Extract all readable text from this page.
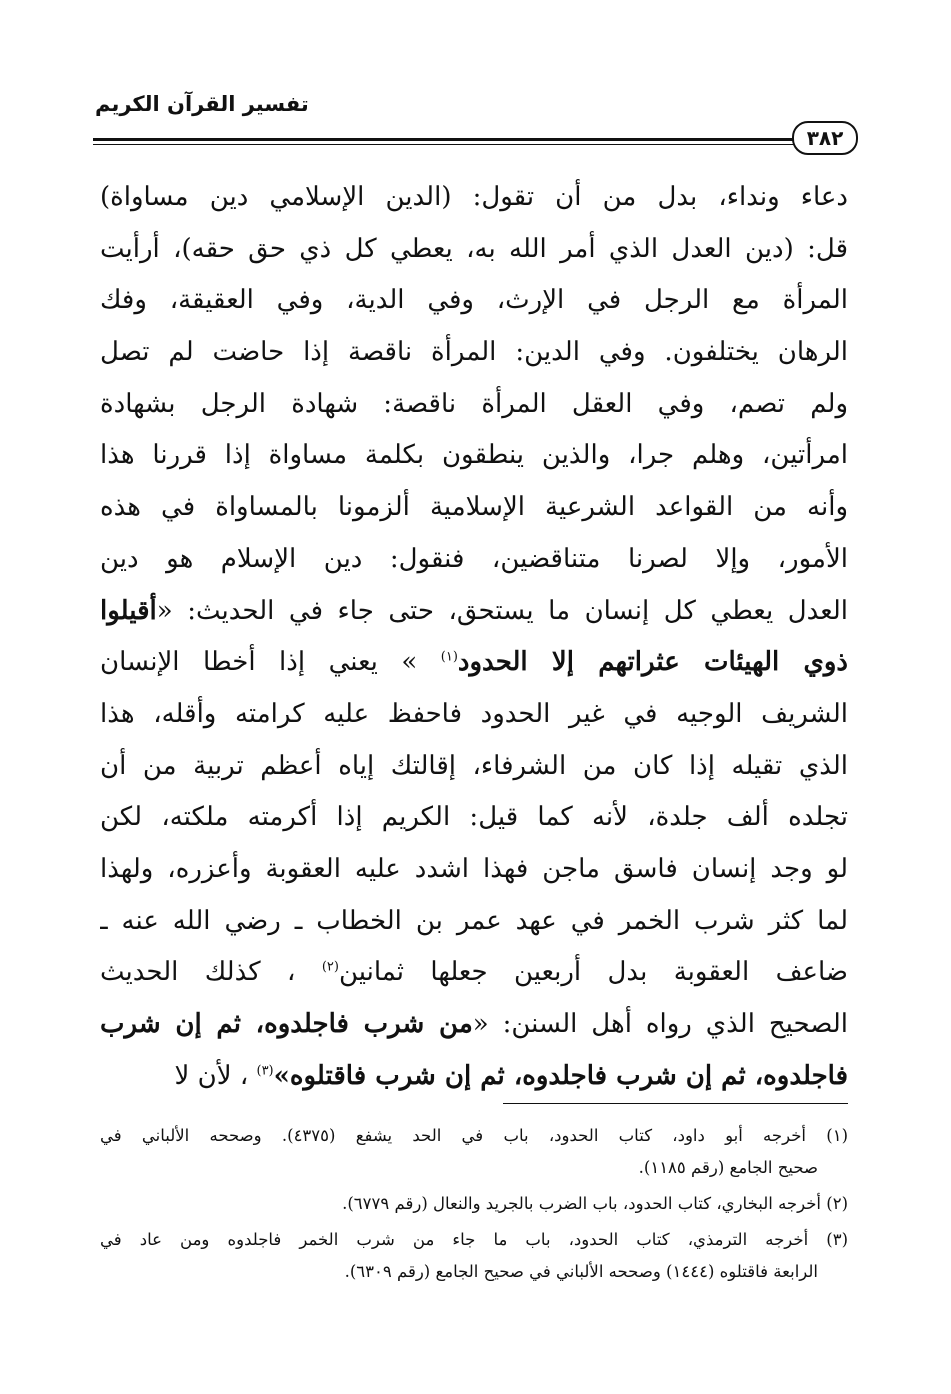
تفسير القرآن الكريم
٣٨٢
دعاء ونداء، بدل من أن تقول: (الدين الإسلامي دين مساواة)
قل: (دين العدل الذي أمر الله به، يعطي كل ذي حق حقه)، أرأيت
المرأة مع الرجل في الإرث، وفي الدية، وفي العقيقة، وفك
الرهان يختلفون. وفي الدين: المرأة ناقصة إذا حاضت لم تصل
ولم تصم، وفي العقل المرأة ناقصة: شهادة الرجل بشهادة
امرأتين، وهلم جرا، والذين ينطقون بكلمة مساواة إذا قررنا هذا
وأنه من القواعد الشرعية الإسلامية ألزمونا بالمساواة في هذه
الأمور، وإلا لصرنا متناقضين، فنقول: دين الإسلام هو دين
العدل يعطي كل إنسان ما يستحق، حتى جاء في الحديث: «أقيلوا
ذوي الهيئات عثراتهم إلا الحدود$^{(١)}$ » يعني إذا أخطا الإنسان
الشريف الوجيه في غير الحدود فاحفظ عليه كرامته وأقله، هذا
الذي تقيله إذا كان من الشرفاء، إقالتك إياه أعظم تربية من أن
تجلده ألف جلدة، لأنه كما قيل: الكريم إذا أكرمته ملكته، لكن
لو وجد إنسان فاسق ماجن فهذا اشدد عليه العقوبة وأعزره، ولهذا
لما كثر شرب الخمر في عهد عمر بن الخطاب ـ رضي الله عنه ـ
ضاعف العقوبة بدل أربعين جعلها ثمانين$^{(٢)}$ ، كذلك الحديث
الصحيح الذي رواه أهل السنن: «من شرب فاجلدوه، ثم إن شرب
فاجلدوه، ثم إن شرب فاجلدوه، ثم إن شرب فاقتلوه»$^{(٣)}$ ، لأن لا
(١) أخرجه أبو داود، كتاب الحدود، باب في الحد يشفع (٤٣٧٥). وصححه الألباني في
صحيح الجامع (رقم ١١٨٥).
(٢) أخرجه البخاري، كتاب الحدود، باب الضرب بالجريد والنعال (رقم ٦٧٧٩).
(٣) أخرجه الترمذي، كتاب الحدود، باب ما جاء من شرب الخمر فاجلدوه ومن عاد في
الرابعة فاقتلوه (١٤٤٤) وصححه الألباني في صحيح الجامع (رقم ٦٣٠٩).
